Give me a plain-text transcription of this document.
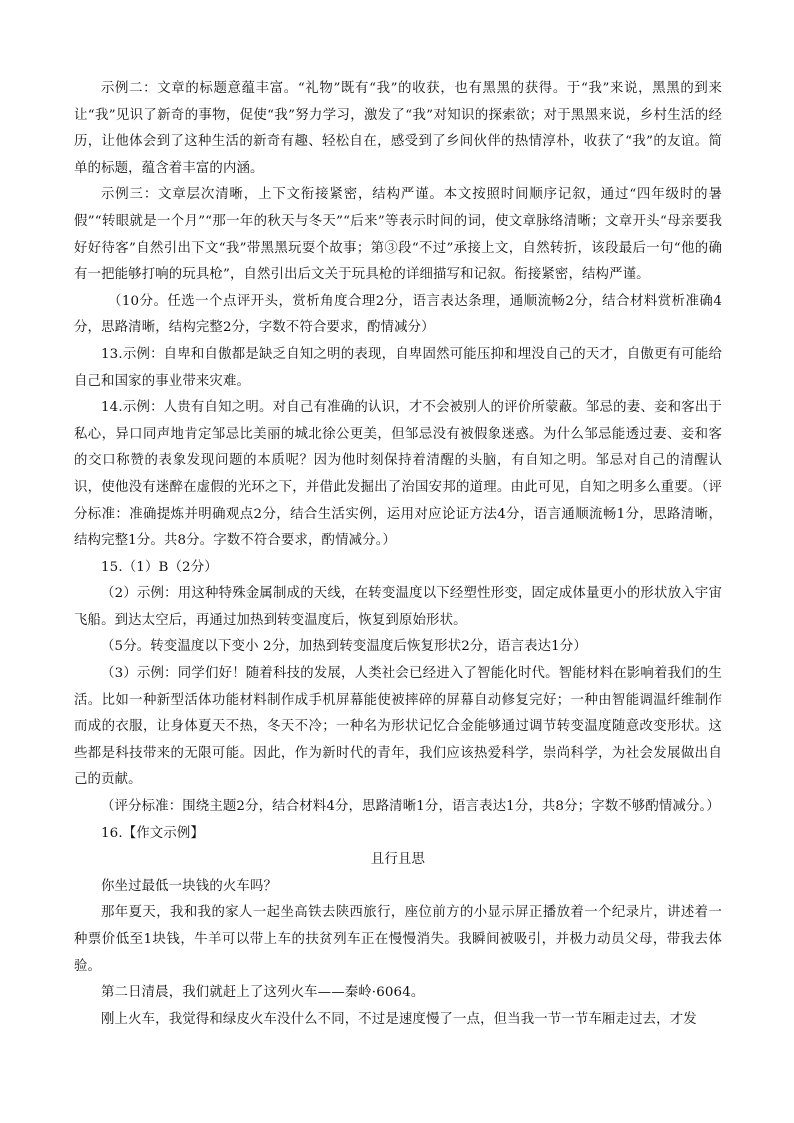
示例二：文章的标题意蕴丰富。“礼物”既有“我”的收获，也有黑黑的获得。于“我”来说，黑黑的到来让“我”见识了新奇的事物，促使“我”努力学习，激发了“我”对知识的探索欲；对于黑黑来说，乡村生活的经历，让他体会到了这种生活的新奇有趣、轻松自在，感受到了乡间伙伴的热情淳朴，收获了“我”的友谊。简单的标题，蕴含着丰富的内涵。

示例三：文章层次清晰，上下文衔接紧密，结构严谨。本文按照时间顺序记叙，通过“四年级时的暑假”“转眼就是一个月”“那一年的秋天与冬天”“后来”等表示时间的词，使文章脉络清晰；文章开头“母亲要我好好待客”自然引出下文“我”带黑黑玩耍个故事；第③段“不过”承接上文，自然转折，该段最后一句“他的确有一把能够打响的玩具枪”，自然引出后文关于玩具枪的详细描写和记叙。衔接紧密，结构严谨。

（10分。任选一个点评开头，赏析角度合理2分，语言表达条理，通顺流畅2分，结合材料赏析准确4分，思路清晰，结构完整2分，字数不符合要求，酌情减分）

13.示例：自卑和自傲都是缺乏自知之明的表现，自卑固然可能压抑和埋没自己的天才，自傲更有可能给自己和国家的事业带来灾难。

14.示例：人贵有自知之明。对自己有准确的认识，才不会被别人的评价所蒙蔽。邹忌的妻、妾和客出于私心，异口同声地肯定邹忌比美丽的城北徐公更美，但邹忌没有被假象迷惑。为什么邹忌能透过妻、妾和客的交口称赞的表象发现问题的本质呢？因为他时刻保持着清醒的头脑，有自知之明。邹忌对自己的清醒认识，使他没有迷醉在虚假的光环之下，并借此发掘出了治国安邦的道理。由此可见，自知之明多么重要。（评分标准：准确提炼并明确观点2分，结合生活实例，运用对应论证方法4分，语言通顺流畅1分，思路清晰，结构完整1分。共8分。字数不符合要求，酌情减分。）

15.（1）B（2分）

（2）示例：用这种特殊金属制成的天线，在转变温度以下经塑性形变，固定成体量更小的形状放入宇宙飞船。到达太空后，再通过加热到转变温度后，恢复到原始形状。

（5分。转变温度以下变小 2分，加热到转变温度后恢复形状2分，语言表达1分）

（3）示例：同学们好！随着科技的发展，人类社会已经进入了智能化时代。智能材料在影响着我们的生活。比如一种新型活体功能材料制作成手机屏幕能使被摔碎的屏幕自动修复完好；一种由智能调温纤维制作而成的衣服，让身体夏天不热，冬天不冷；一种名为形状记忆合金能够通过调节转变温度随意改变形状。这些都是科技带来的无限可能。因此，作为新时代的青年，我们应该热爱科学，崇尚科学，为社会发展做出自己的贡献。

（评分标准：围绕主题2分，结合材料4分，思路清晰1分，语言表达1分，共8分；字数不够酌情减分。）

16.【作文示例】

且行且思

你坐过最低一块钱的火车吗？

那年夏天，我和我的家人一起坐高铁去陕西旅行，座位前方的小显示屏正播放着一个纪录片，讲述着一种票价低至1块钱，牛羊可以带上车的扶贫列车正在慢慢消失。我瞬间被吸引，并极力动员父母，带我去体验。

第二日清晨，我们就赶上了这列火车——秦岭·6064。

刚上火车，我觉得和绿皮火车没什么不同，不过是速度慢了一点，但当我一节一节车厢走过去，才发
